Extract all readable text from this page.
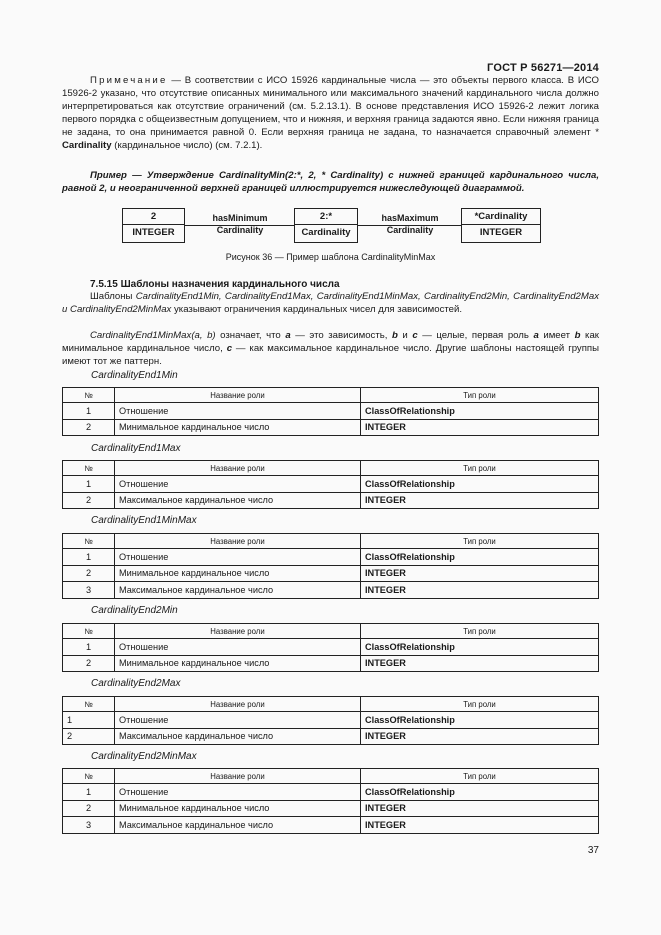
ГОСТ Р 56271—2014

Примечание — В соответствии с ИСО 15926 кардинальные числа — это объекты первого класса. В ИСО 15926-2 указано, что отсутствие описанных минимального или максимального значений кардинального числа должно интерпретироваться как отсутствие ограничений (см. 5.2.13.1). В основе представления ИСО 15926-2 лежит логика первого порядка с общеизвестным допущением, что и нижняя, и верхняя граница задаются явно. Если нижняя граница не задана, то она принимается равной 0. Если верхняя граница не задана, то назначается справочный элемент * Cardinality (кардинальное число) (см. 7.2.1).

Пример — Утверждение CardinalityMin(2:*, 2, * Cardinality) с нижней границей кардинального числа, равной 2, и неограниченной верхней границей иллюстрируется нижеследующей диаграммой.

2
INTEGER
hasMinimum
Cardinality
2:*
Cardinality
hasMaximum
Cardinality
*Cardinality
INTEGER
Рисунок 36 — Пример шаблона CardinalityMinMax
7.5.15 Шаблоны назначения кардинального числа

Шаблоны CardinalityEnd1Min, CardinalityEnd1Max, CardinalityEnd1MinMax, CardinalityEnd2Min, CardinalityEnd2Max и CardinalityEnd2MinMax указывают ограничения кардинальных чисел для зависимостей.

CardinalityEnd1MinMax(a, b) означает, что a — это зависимость, b и c — целые, первая роль a имеет b как минимальное кардинальное число, c — как максимальное кардинальное число. Другие шаблоны настоящей группы имеют тот же паттерн.

CardinalityEnd1Min
№	Название роли	Тип роли
1	Отношение	ClassOfRelationship
2	Минимальное кардинальное число	INTEGER
CardinalityEnd1Max
№	Название роли	Тип роли
1	Отношение	ClassOfRelationship
2	Максимальное кардинальное число	INTEGER
CardinalityEnd1MinMax
№	Название роли	Тип роли
1	Отношение	ClassOfRelationship
2	Минимальное кардинальное число	INTEGER
3	Максимальное кардинальное число	INTEGER
CardinalityEnd2Min
№	Название роли	Тип роли
1	Отношение	ClassOfRelationship
2	Минимальное кардинальное число	INTEGER
CardinalityEnd2Max
№	Название роли	Тип роли
1	Отношение	ClassOfRelationship
2	Максимальное кардинальное число	INTEGER
CardinalityEnd2MinMax
№	Название роли	Тип роли
1	Отношение	ClassOfRelationship
2	Минимальное кардинальное число	INTEGER
3	Максимальное кардинальное число	INTEGER
37
